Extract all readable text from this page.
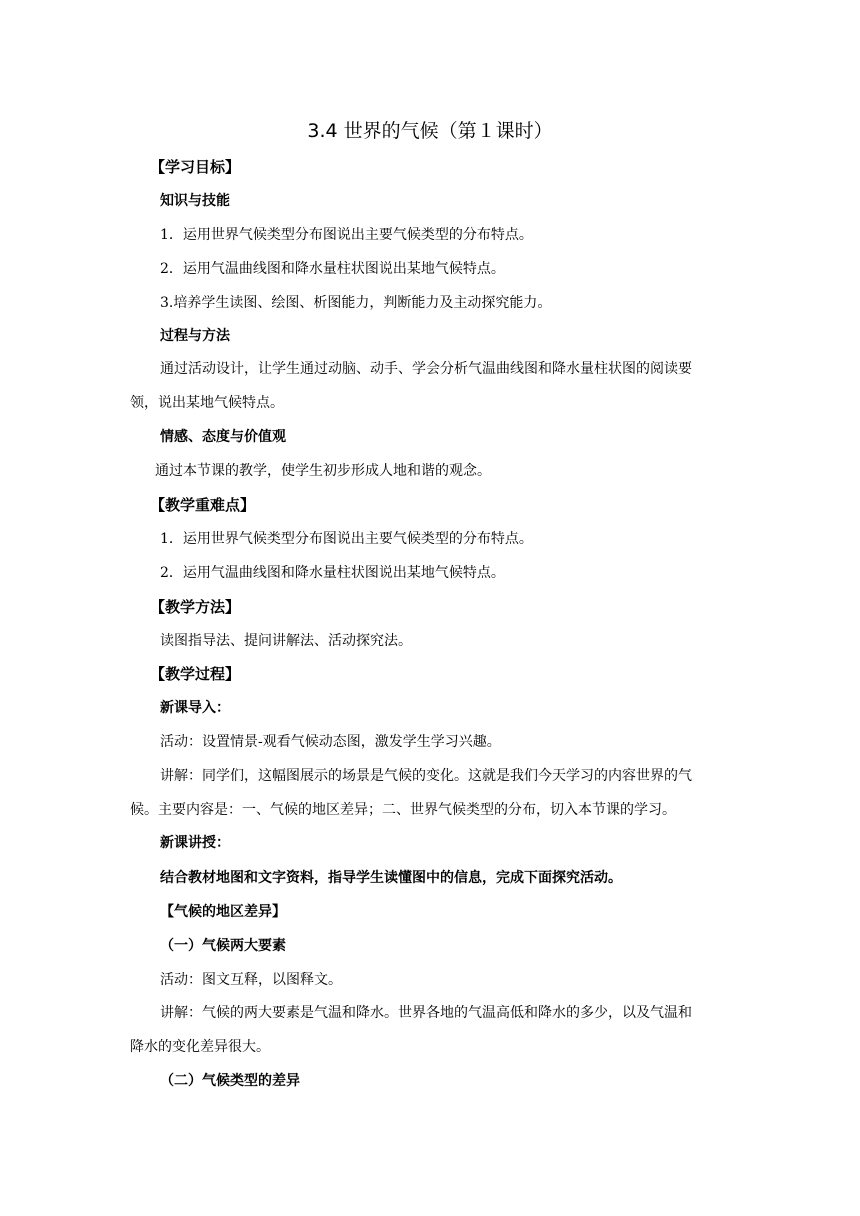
3.4 世界的气候（第１课时）
【学习目标】
知识与技能
1．运用世界气候类型分布图说出主要气候类型的分布特点。
2．运用气温曲线图和降水量柱状图说出某地气候特点。
3.培养学生读图、绘图、析图能力，判断能力及主动探究能力。
过程与方法
通过活动设计，让学生通过动脑、动手、学会分析气温曲线图和降水量柱状图的阅读要
领，说出某地气候特点。
情感、态度与价值观
通过本节课的教学，使学生初步形成人地和谐的观念。
【教学重难点】
1．运用世界气候类型分布图说出主要气候类型的分布特点。
2．运用气温曲线图和降水量柱状图说出某地气候特点。
【教学方法】
读图指导法、提问讲解法、活动探究法。
【教学过程】
新课导入：
活动：设置情景-观看气候动态图，激发学生学习兴趣。
讲解：同学们，这幅图展示的场景是气候的变化。这就是我们今天学习的内容世界的气
候。主要内容是：一、气候的地区差异；二、世界气候类型的分布，切入本节课的学习。
新课讲授：
结合教材地图和文字资料，指导学生读懂图中的信息，完成下面探究活动。
【气候的地区差异】
（一）气候两大要素
活动：图文互释，以图释文。
讲解：气候的两大要素是气温和降水。世界各地的气温高低和降水的多少，以及气温和
降水的变化差异很大。
（二）气候类型的差异
